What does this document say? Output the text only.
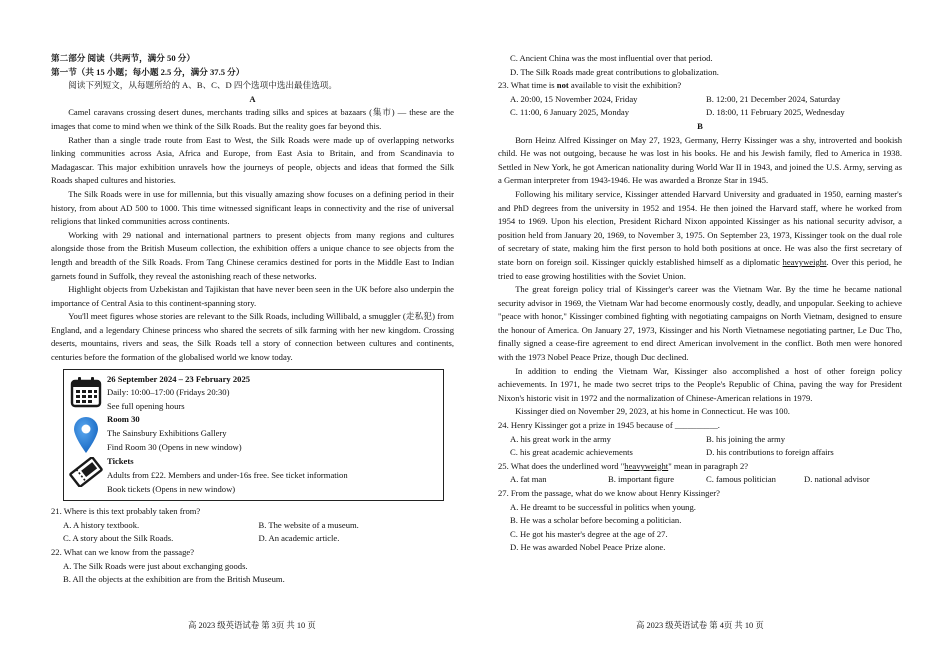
第二部分 阅读（共两节，满分 50 分）

第一节（共 15 小题；每小题 2.5 分，满分 37.5 分）

阅读下列短文，从每题所给的 A、B、C、D 四个选项中选出最佳选项。

A

Camel caravans crossing desert dunes, merchants trading silks and spices at bazaars (集市) — these are the images that come to mind when we think of the Silk Roads. But the reality goes far beyond this.

Rather than a single trade route from East to West, the Silk Roads were made up of overlapping networks linking communities across Asia, Africa and Europe, from East Asia to Britain, and from Scandinavia to Madagascar. This major exhibition unravels how the journeys of people, objects and ideas that formed the Silk Roads shaped cultures and histories.

The Silk Roads were in use for millennia, but this visually amazing show focuses on a defining period in their history, from about AD 500 to 1000. This time witnessed significant leaps in connectivity and the rise of universal religions that linked communities across continents.

Working with 29 national and international partners to present objects from many regions and cultures alongside those from the British Museum collection, the exhibition offers a unique chance to see objects from the length and breadth of the Silk Roads. From Tang Chinese ceramics destined for ports in the Middle East to Indian garnets found in Suffolk, they reveal the astonishing reach of these networks.

Highlight objects from Uzbekistan and Tajikistan that have never been seen in the UK before also underpin the importance of Central Asia to this continent-spanning story.

You'll meet figures whose stories are relevant to the Silk Roads, including Willibald, a smuggler (走私犯) from England, and a legendary Chinese princess who shared the secrets of silk farming with her new kingdom. Crossing deserts, mountains, rivers and seas, the Silk Roads tell a story of connection between cultures and continents, centuries before the formation of the globalised world we know today.

26 September 2024 – 23 February 2025

Daily: 10:00–17:00 (Fridays 20:30)

See full opening hours

Room 30

The Sainsbury Exhibitions Gallery

Find Room 30 (Opens in new window)

Tickets

Adults from £22. Members and under-16s free. See ticket information

Book tickets (Opens in new window)

21. Where is this text probably taken from?

A. A history textbook.	B. The website of a museum.
C. A story about the Silk Roads.	D. An academic article.

22. What can we know from the passage?

A. The Silk Roads were just about exchanging goods.
B. All the objects at the exhibition are from the British Museum.
C. Ancient China was the most influential over that period.
D. The Silk Roads made great contributions to globalization.

23. What time is not available to visit the exhibition?

A. 20:00, 15 November 2024, Friday	B. 12:00, 21 December 2024, Saturday
C. 11:00, 6 January 2025, Monday	D. 18:00, 11 February 2025, Wednesday

B

Born Heinz Alfred Kissinger on May 27, 1923, Germany, Herry Kissinger was a shy, introverted and bookish child. He was not outgoing, because he was lost in his books. He and his Jewish family, fled to America in 1938. Settled in New York, he got American nationality during World War II in 1943, and joined the U.S. Army, serving as a German interpreter from 1943-1946. He was awarded a Bronze Star in 1945.

Following his military service, Kissinger attended Harvard University and graduated in 1950, earning master's and PhD degrees from the university in 1952 and 1954. He then joined the Harvard staff, where he worked from 1954 to 1969. Upon his election, President Richard Nixon appointed Kissinger as his national security advisor, a position held from January 20, 1969, to November 3, 1975. On September 23, 1973, Kissinger took on the dual role of secretary of state, making him the first person to hold both positions at once. He was also the first secretary of state born on foreign soil. Kissinger quickly established himself as a diplomatic heavyweight. Over this period, he tried to ease growing hostilities with the Soviet Union.

The great foreign policy trial of Kissinger's career was the Vietnam War. By the time he became national security advisor in 1969, the Vietnam War had become enormously costly, deadly, and unpopular. Seeking to achieve "peace with honor," Kissinger combined fighting with negotiating campaigns on North Vietnam, designed to ensure the honour of America. On January 27, 1973, Kissinger and his North Vietnamese negotiating partner, Le Duc Tho, finally signed a cease-fire agreement to end direct American involvement in the conflict. Both men were honored with the 1973 Nobel Peace Prize, though Duc declined.

In addition to ending the Vietnam War, Kissinger also accomplished a host of other foreign policy achievements. In 1971, he made two secret trips to the People's Republic of China, paving the way for President Nixon's historic visit in 1972 and the normalization of Chinese-American relations in 1979.

Kissinger died on November 29, 2023, at his home in Connecticut. He was 100.

24. Henry Kissinger got a prize in 1945 because of __________.

A. his great work in the army	B. his joining the army
C. his great academic achievements	D. his contributions to foreign affairs

25. What does the underlined word "heavyweight" mean in paragraph 2?

A. fat man	B. important figure	C. famous politician	D. national advisor

27. From the passage, what do we know about Henry Kissinger?

A. He dreamt to be successful in politics when young.
B. He was a scholar before becoming a politician.
C. He got his master's degree at the age of 27.
D. He was awarded Nobel Peace Prize alone.
高 2023 级英语试卷 第 3页 共 10 页	高 2023 级英语试卷 第 4页 共 10 页
